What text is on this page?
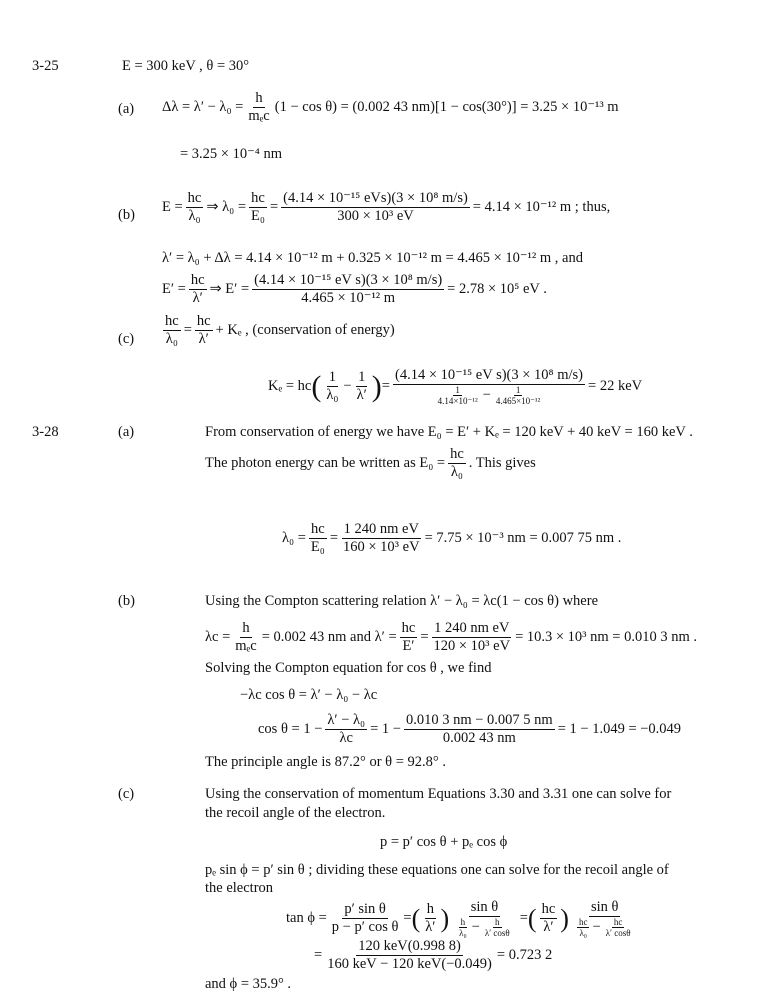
3-25	E = 300 keV , θ = 30°
(a) Δλ = λ′ − λ₀ =
h
mₑc
(1 − cos θ) = (0.002 43 nm)[1 − cos(30°)] = 3.25 × 10⁻¹³ m
= 3.25 × 10⁻⁴ nm
(b) $E = \frac{hc}{\text{λ₀}}$ ⇒ $\lambda_0 = \frac{hc}{\text{E₀}}$ =
(4.14 × 10⁻¹⁵ eVs)(3 × 10⁸ m/s)
300 × 10³ eV
= 4.14 × 10⁻¹² m ; thus,
λ′ = λ₀ + Δλ = 4.14 × 10⁻¹² m + 0.325 × 10⁻¹² m = 4.465 × 10⁻¹² m , and
$E' = \frac{hc}{\lambda'}$ ⇒ $E' = \frac{\text{(4.14 × 10⁻¹⁵ eV s)(3 × 10⁸ m/s)}}{\text{4.465 × 10⁻¹² m}} = 2.78 \times 10^5$ eV .
$(c) \frac{hc}{\text{λ₀}} = \frac{hc}{\lambda'} + K_e$ , (conservation of energy)
Kₑ = hc ( $\frac{1}{\text{λ₀}} - \frac{1}{\lambda'}$ ) = $\frac{\text{(4.14 × 10⁻¹⁵ eV s)(3 × 10⁸ m/s)}}{\frac{1}{\text{4.14×10⁻¹²}} - \frac{1}{\text{4.465×10⁻¹²}}} = 22$ keV
3-28	(a)	From conservation of energy we have E₀ = E′ + Kₑ = 120 keV + 40 keV = 160 keV .
The photon energy can be written as $E_0 = \frac{hc}{\text{λ₀}}$ . This gives
$\lambda_0 = \frac{hc}{\text{E₀}} = \frac{\text{1 240 nm eV}}{\text{160 × 10³ eV}} = 7.75 \times 10^{-3}$ nm = 0.007 75 nm .
(b)	Using the Compton scattering relation λ′ − λ₀ = λc(1 − cos θ) where
λc =
h
mₑc
= 0.002 43 nm and $\lambda' = \frac{hc}{E'} = \frac{\text{1 240 nm eV}}{\text{120 × 10³ eV}} = 10.3 \times 10^3$ nm = 0.010 3 nm .
Solving the Compton equation for cos θ , we find
−λc cos θ = λ′ − λ₀ − λc
$\cos \theta = 1 - \frac{\text{λ′ − λ₀}}{\lambda c} = 1 - \frac{0.010 3 nm - 0.007 5 nm}{0.002 43 nm} = 1 - 1.049 = -0.049$
The principle angle is 87.2° or θ = 92.8° .
(c)	Using the conservation of momentum Equations 3.30 and 3.31 one can solve for
the recoil angle of the electron.
p = p′ cos θ + pₑ cos ϕ
pₑ sin ϕ = p′ sin θ ; dividing these equations one can solve for the recoil angle of
the electron
$\tan \phi = \frac{\text{p′ sin θ}}{\text{p − p′ cos θ}}$ = ( $\frac{h}{\lambda'}$ ) $\frac{\text{sin θ}}{\frac{h}{\text{λ₀}} - \frac{h}{\lambda' \cos\theta}}$ = ( $\frac{hc}{\lambda'}$ ) sin θ
$\frac{hc}{\text{λ₀}} - \frac{hc}{\lambda' \cos\theta}$
=
120 keV(0.998 8)
160 keV − 120 keV(−0.049)
= 0.723 2
and ϕ = 35.9° .
